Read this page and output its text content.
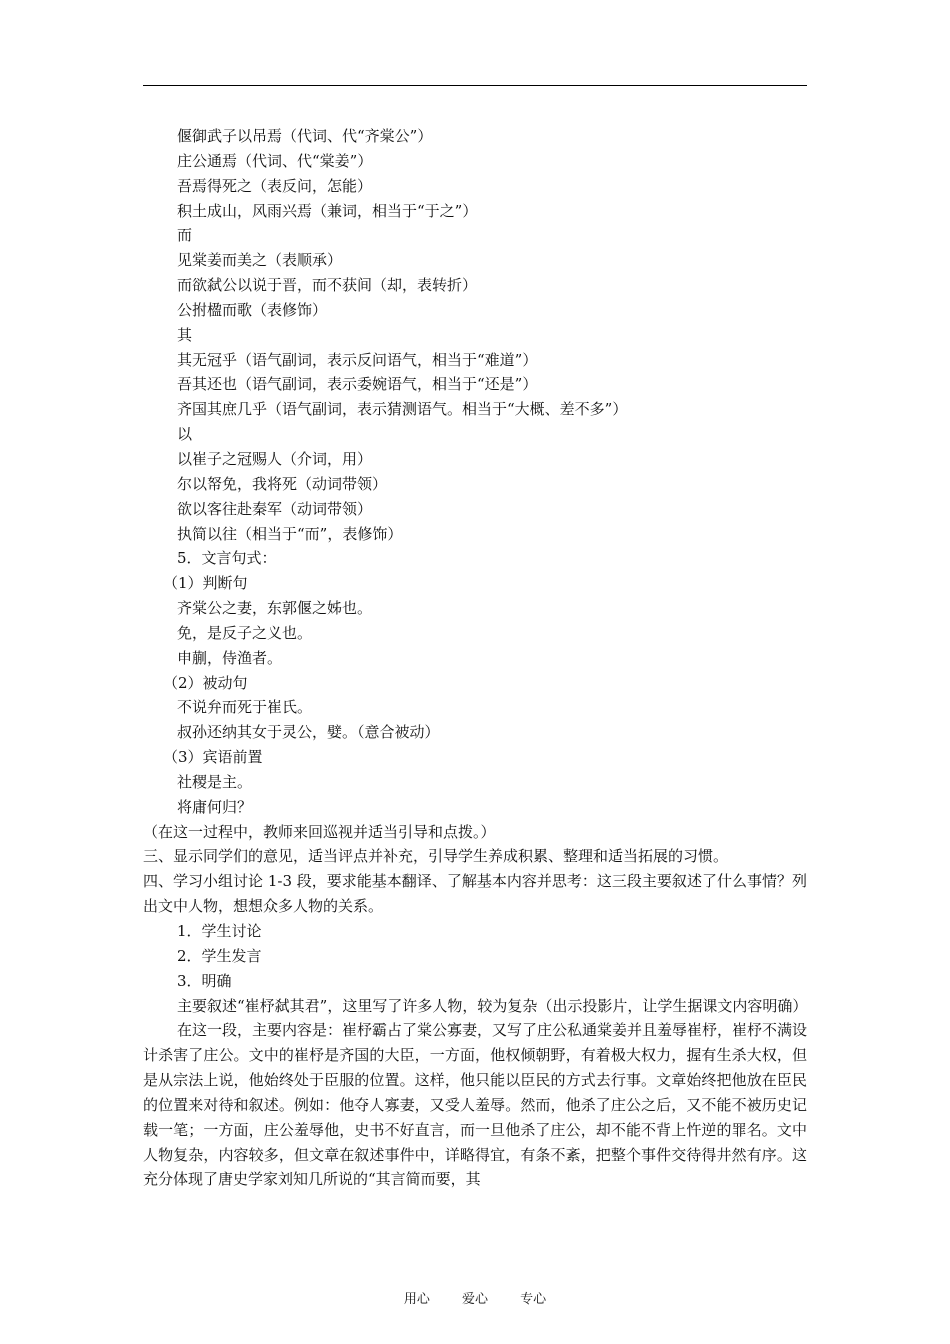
偃御武子以吊焉（代词、代“齐棠公”）
庄公通焉（代词、代“棠姜”）
吾焉得死之（表反问，怎能）
积土成山，风雨兴焉（兼词，相当于“于之”）
而
见棠姜而美之（表顺承）
而欲弑公以说于晋，而不获间（却，表转折）
公拊楹而歌（表修饰）
其
其无冠乎（语气副词，表示反问语气，相当于“难道”）
吾其还也（语气副词，表示委婉语气，相当于“还是”）
齐国其庶几乎（语气副词，表示猜测语气。相当于“大概、差不多”）
以
以崔子之冠赐人（介词，用）
尔以帑免，我将死（动词带领）
欲以客往赴秦军（动词带领）
执简以往（相当于“而”，表修饰）
5．文言句式：
（1）判断句
齐棠公之妻，东郭偃之姊也。
免，是反子之义也。
申蒯，侍渔者。
（2）被动句
不说弁而死于崔氏。
叔孙还纳其女于灵公，嬖。（意合被动）
（3）宾语前置
社稷是主。
将庸何归？
（在这一过程中，教师来回巡视并适当引导和点拨。）
三、显示同学们的意见，适当评点并补充，引导学生养成积累、整理和适当拓展的习惯。
四、学习小组讨论 1-3 段，要求能基本翻译、了解基本内容并思考：这三段主要叙述了什么事情？列出文中人物，想想众多人物的关系。
1．学生讨论
2．学生发言
3．明确
主要叙述“崔杼弑其君”，这里写了许多人物，较为复杂（出示投影片，让学生据课文内容明确）
在这一段，主要内容是：崔杼霸占了棠公寡妻，又写了庄公私通棠姜并且羞辱崔杼，崔杼不满设计杀害了庄公。文中的崔杼是齐国的大臣，一方面，他权倾朝野，有着极大权力，握有生杀大权，但是从宗法上说，他始终处于臣服的位置。这样，他只能以臣民的方式去行事。文章始终把他放在臣民的位置来对待和叙述。例如：他夺人寡妻，又受人羞辱。然而，他杀了庄公之后，又不能不被历史记载一笔；一方面，庄公羞辱他，史书不好直言，而一旦他杀了庄公，却不能不背上忤逆的罪名。文中人物复杂，内容较多，但文章在叙述事件中，详略得宜，有条不紊，把整个事件交待得井然有序。这充分体现了唐史学家刘知几所说的“其言简而要，其
用心 爱心 专心
